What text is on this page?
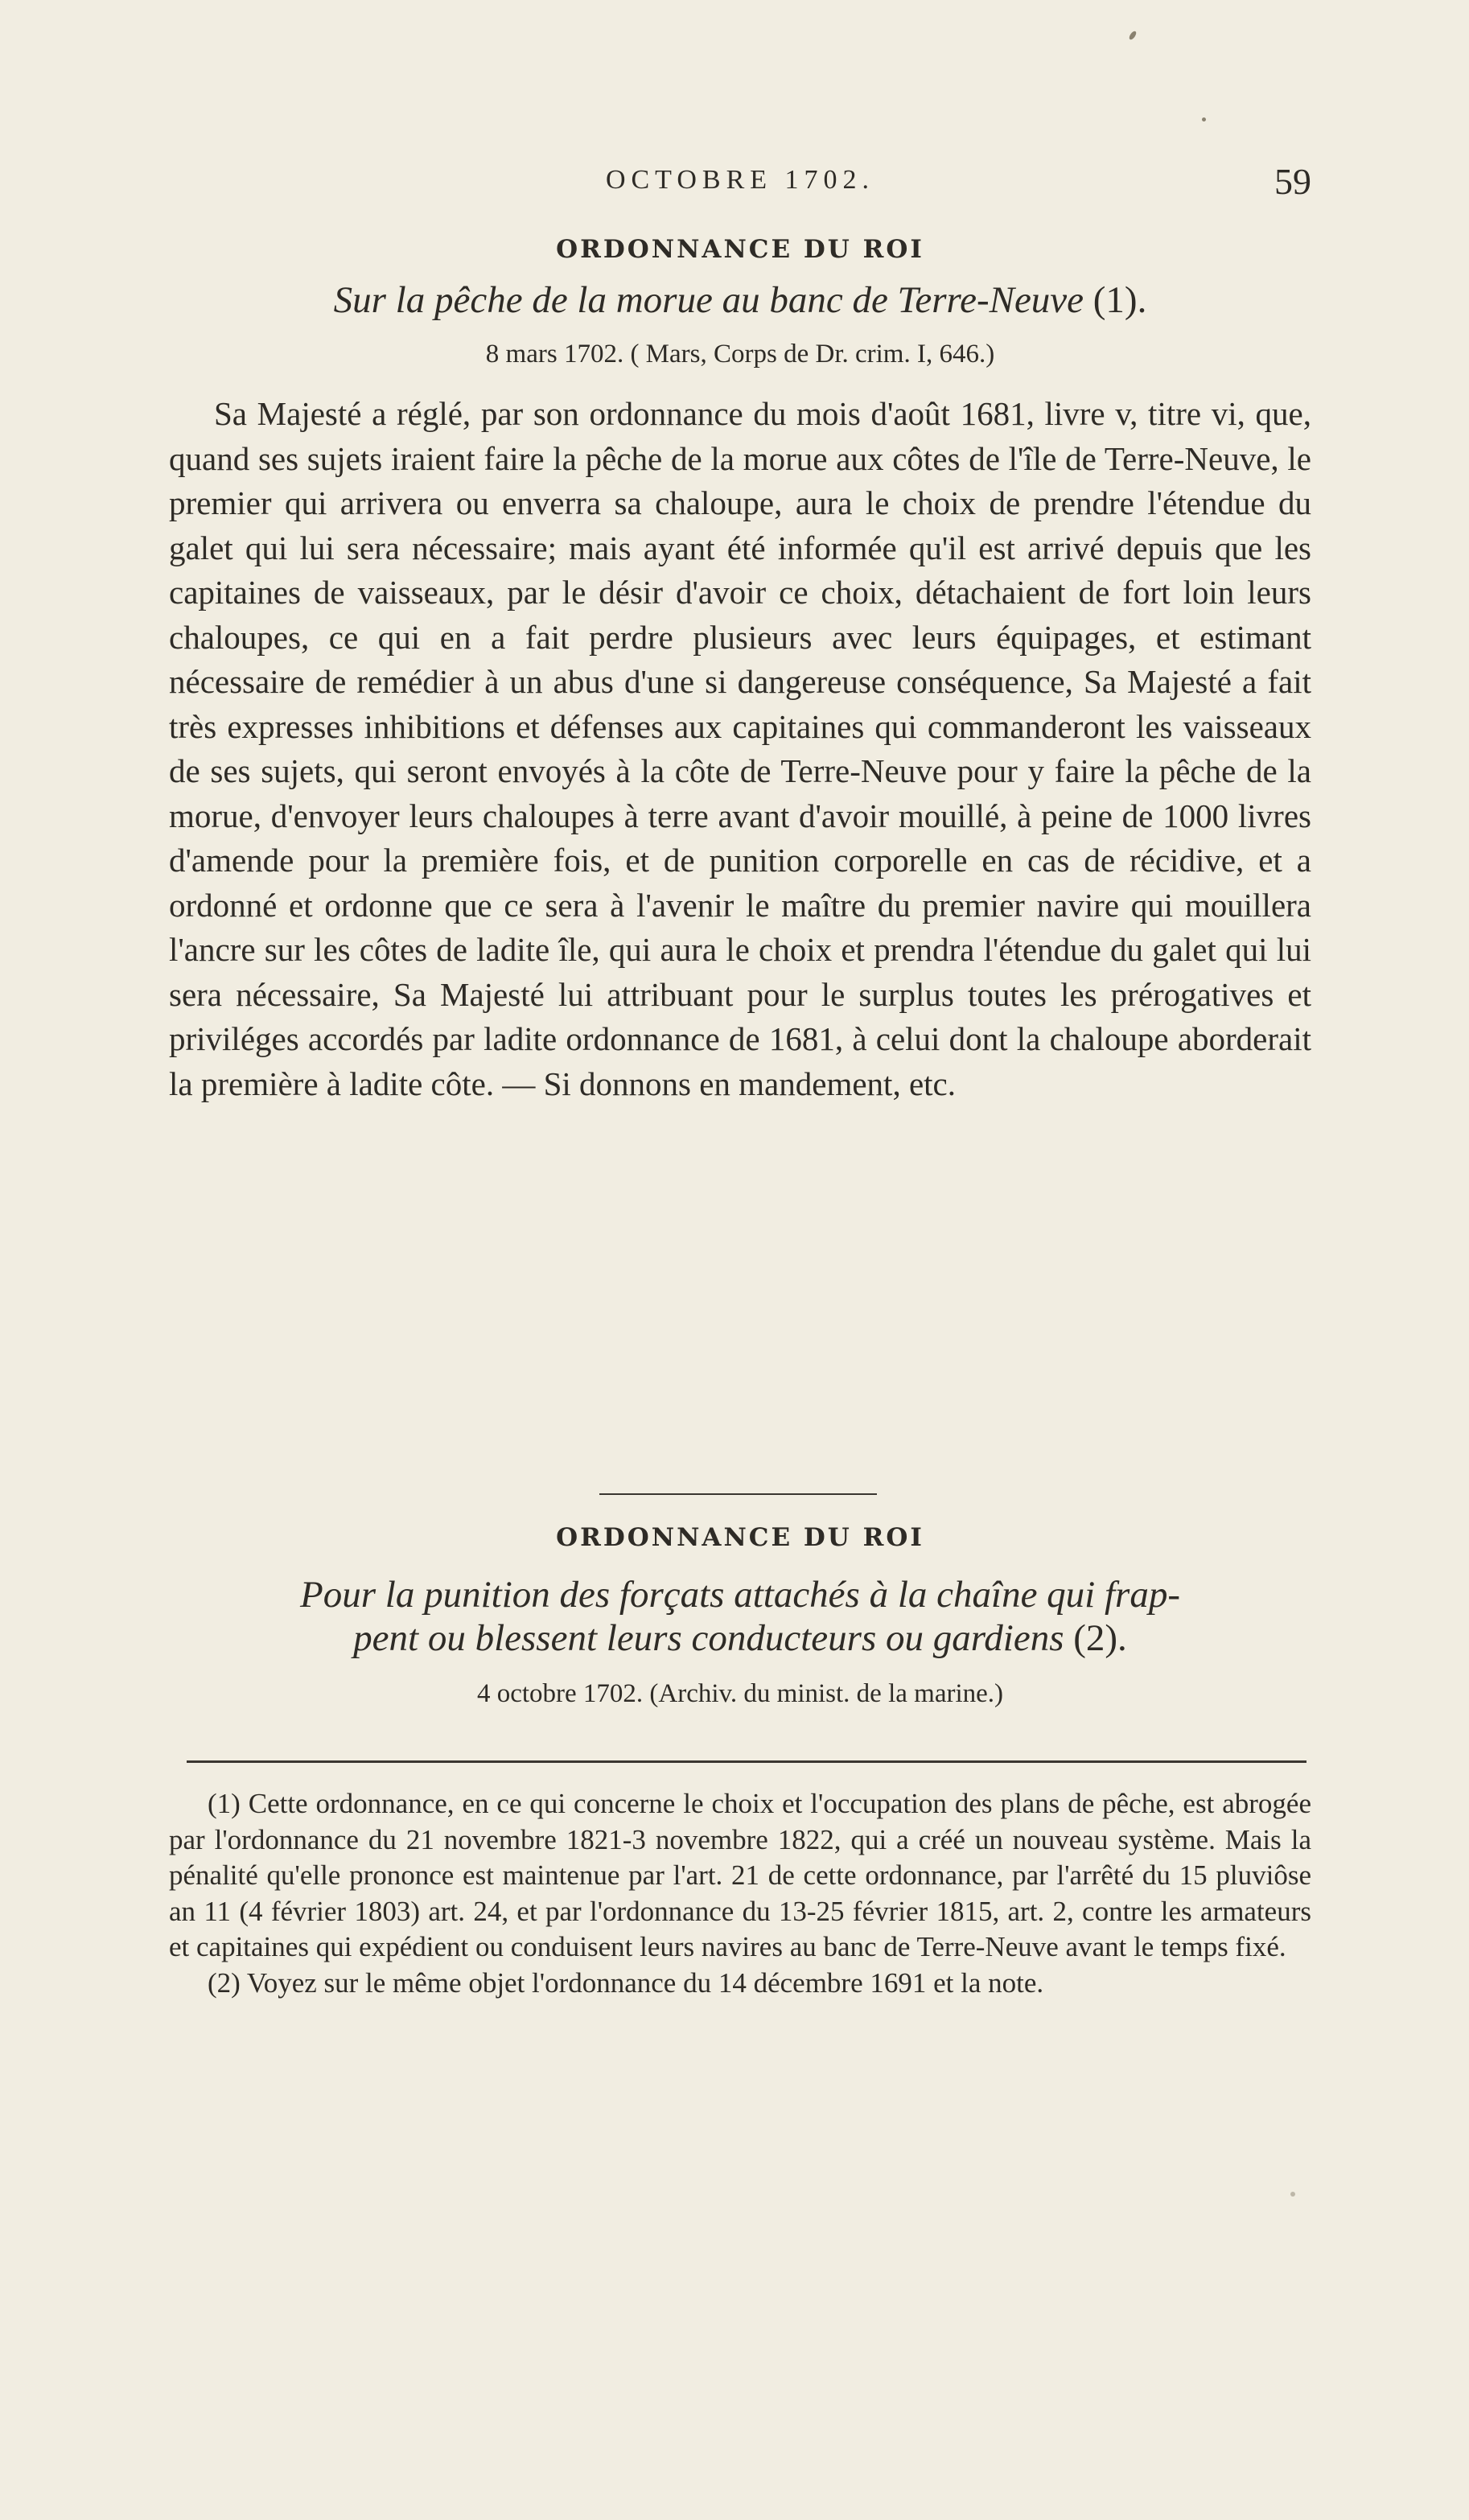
OCTOBRE 1702.	59
ORDONNANCE DU ROI
Sur la pêche de la morue au banc de Terre-Neuve (1).
8 mars 1702. ( Mars, Corps de Dr. crim. I, 646.)

Sa Majesté a réglé, par son ordonnance du mois d'août 1681, livre v, titre vi, que, quand ses sujets iraient faire la pêche de la morue aux côtes de l'île de Terre-Neuve, le premier qui arrivera ou enverra sa chaloupe, aura le choix de prendre l'étendue du galet qui lui sera nécessaire; mais ayant été informée qu'il est arrivé depuis que les capitaines de vaisseaux, par le désir d'avoir ce choix, détachaient de fort loin leurs chaloupes, ce qui en a fait perdre plusieurs avec leurs équipages, et estimant nécessaire de remédier à un abus d'une si dangereuse conséquence, Sa Majesté a fait très expresses inhibitions et défenses aux capitaines qui commanderont les vaisseaux de ses sujets, qui seront envoyés à la côte de Terre-Neuve pour y faire la pêche de la morue, d'envoyer leurs chaloupes à terre avant d'avoir mouillé, à peine de 1000 livres d'amende pour la première fois, et de punition corporelle en cas de récidive, et a ordonné et ordonne que ce sera à l'avenir le maître du premier navire qui mouillera l'ancre sur les côtes de ladite île, qui aura le choix et prendra l'étendue du galet qui lui sera nécessaire, Sa Majesté lui attribuant pour le surplus toutes les prérogatives et priviléges accordés par ladite ordonnance de 1681, à celui dont la chaloupe aborderait la première à ladite côte. — Si donnons en mandement, etc.

ORDONNANCE DU ROI
Pour la punition des forçats attachés à la chaîne qui frap-
pent ou blessent leurs conducteurs ou gardiens (2).
4 octobre 1702. (Archiv. du minist. de la marine.)

(1) Cette ordonnance, en ce qui concerne le choix et l'occupation des plans de pêche, est abrogée par l'ordonnance du 21 novembre 1821-3 novembre 1822, qui a créé un nouveau système. Mais la pénalité qu'elle prononce est maintenue par l'art. 21 de cette ordonnance, par l'arrêté du 15 pluviôse an 11 (4 février 1803) art. 24, et par l'ordonnance du 13-25 février 1815, art. 2, contre les armateurs et capitaines qui expédient ou conduisent leurs navires au banc de Terre-Neuve avant le temps fixé.

(2) Voyez sur le même objet l'ordonnance du 14 décembre 1691 et la note.
